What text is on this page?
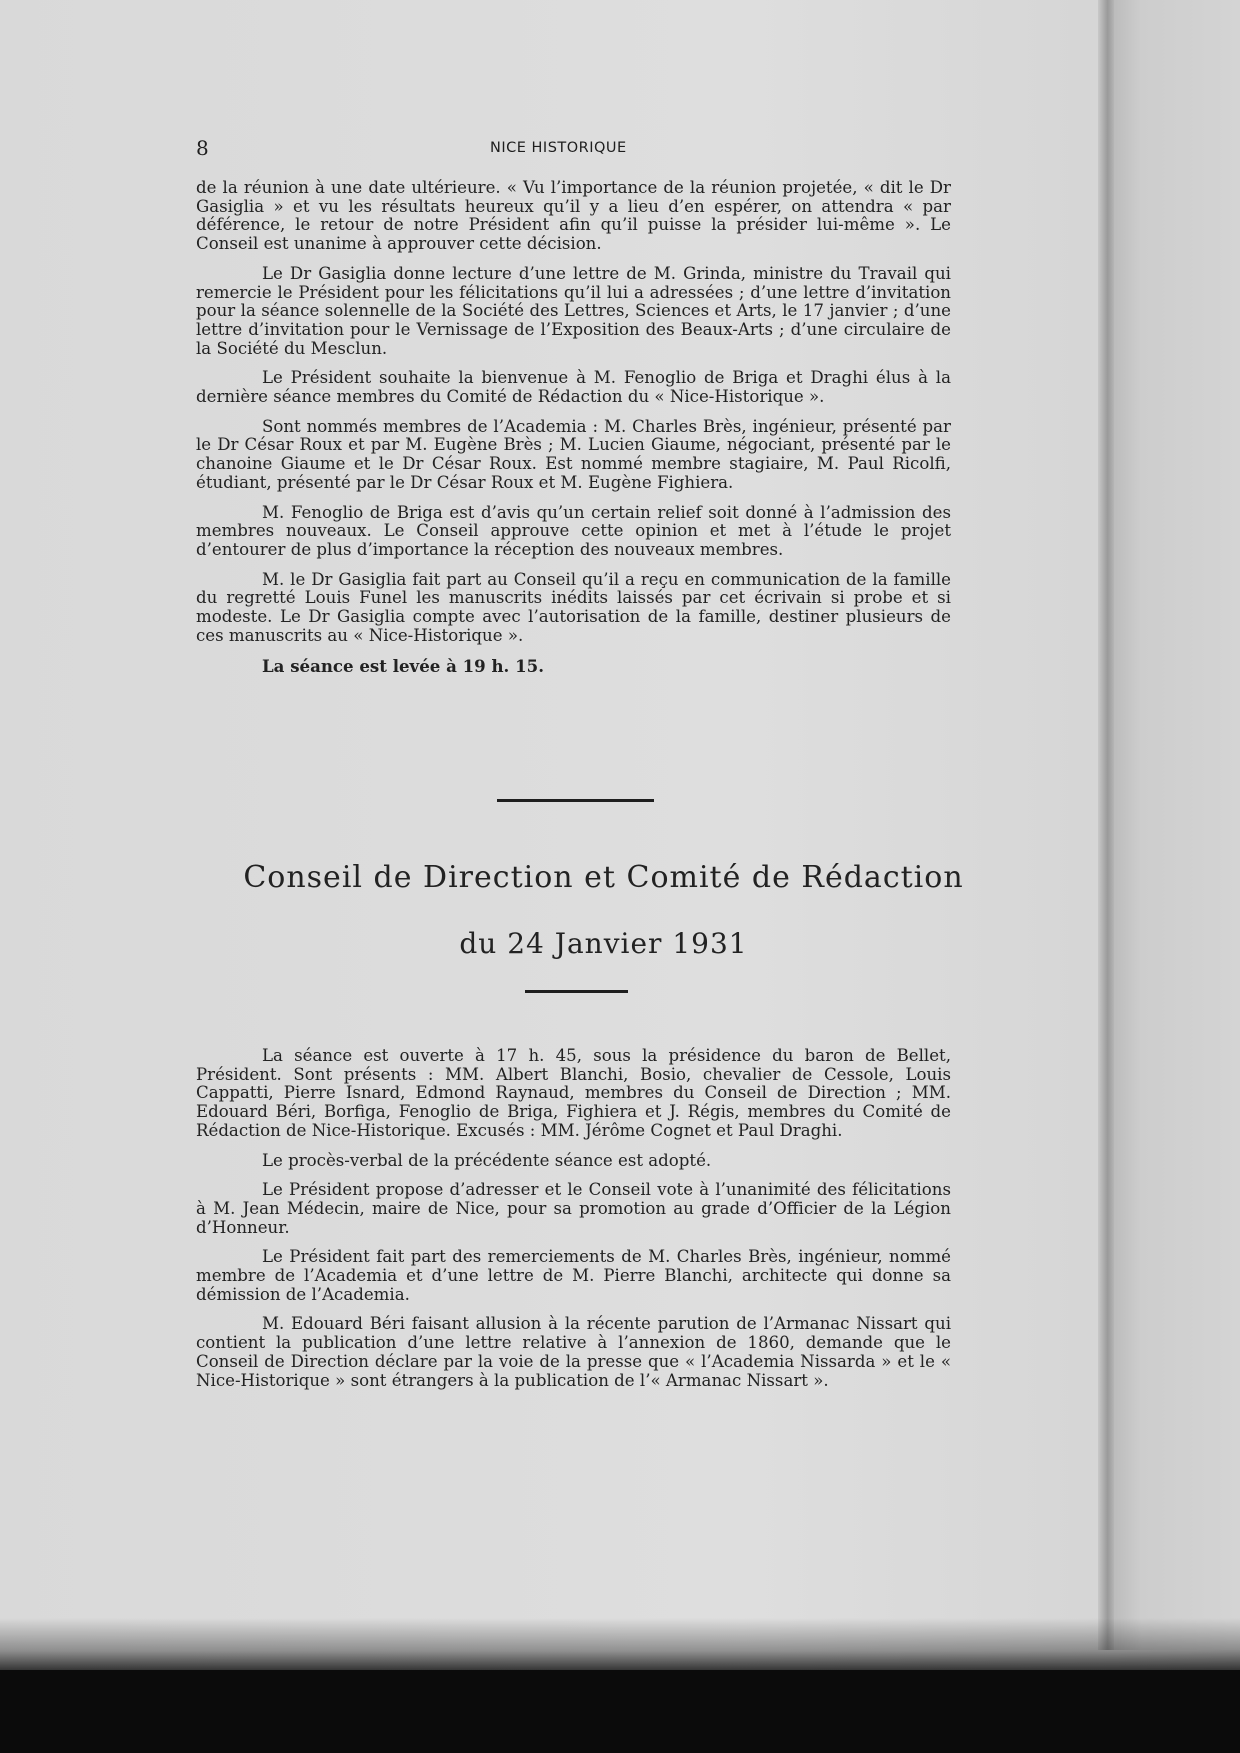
8	NICE HISTORIQUE

de la réunion à une date ultérieure. « Vu l’importance de la réunion projetée, « dit le Dr Gasiglia » et vu les résultats heureux qu’il y a lieu d’en espérer, on attendra « par déférence, le retour de notre Président afin qu’il puisse la présider lui-même ». Le Conseil est unanime à approuver cette décision.

Le Dr Gasiglia donne lecture d’une lettre de M. Grinda, ministre du Travail qui remercie le Président pour les félicitations qu’il lui a adressées ; d’une lettre d’invitation pour la séance solennelle de la Société des Lettres, Sciences et Arts, le 17 janvier ; d’une lettre d’invitation pour le Vernissage de l’Exposition des Beaux-Arts ; d’une circulaire de la Société du Mesclun.

Le Président souhaite la bienvenue à M. Fenoglio de Briga et Draghi élus à la dernière séance membres du Comité de Rédaction du « Nice-Historique ».

Sont nommés membres de l’Academia : M. Charles Brès, ingénieur, présenté par le Dr César Roux et par M. Eugène Brès ; M. Lucien Giaume, négociant, présenté par le chanoine Giaume et le Dr César Roux. Est nommé membre stagiaire, M. Paul Ricolfi, étudiant, présenté par le Dr César Roux et M. Eugène Fighiera.

M. Fenoglio de Briga est d’avis qu’un certain relief soit donné à l’admission des membres nouveaux. Le Conseil approuve cette opinion et met à l’étude le projet d’entourer de plus d’importance la réception des nouveaux membres.

M. le Dr Gasiglia fait part au Conseil qu’il a reçu en communication de la famille du regretté Louis Funel les manuscrits inédits laissés par cet écrivain si probe et si modeste. Le Dr Gasiglia compte avec l’autorisation de la famille, destiner plusieurs de ces manuscrits au « Nice-Historique ».

La séance est levée à 19 h. 15.

Conseil de Direction et Comité de Rédaction
du 24 Janvier 1931

La séance est ouverte à 17 h. 45, sous la présidence du baron de Bellet, Président. Sont présents : MM. Albert Blanchi, Bosio, chevalier de Cessole, Louis Cappatti, Pierre Isnard, Edmond Raynaud, membres du Conseil de Direction ; MM. Edouard Béri, Borfiga, Fenoglio de Briga, Fighiera et J. Régis, membres du Comité de Rédaction de Nice-Historique. Excusés : MM. Jérôme Cognet et Paul Draghi.

Le procès-verbal de la précédente séance est adopté.

Le Président propose d’adresser et le Conseil vote à l’unanimité des félicitations à M. Jean Médecin, maire de Nice, pour sa promotion au grade d’Officier de la Légion d’Honneur.

Le Président fait part des remerciements de M. Charles Brès, ingénieur, nommé membre de l’Academia et d’une lettre de M. Pierre Blanchi, architecte qui donne sa démission de l’Academia.

M. Edouard Béri faisant allusion à la récente parution de l’Armanac Nissart qui contient la publication d’une lettre relative à l’annexion de 1860, demande que le Conseil de Direction déclare par la voie de la presse que « l’Academia Nissarda » et le « Nice-Historique » sont étrangers à la publication de l’« Armanac Nissart ».
